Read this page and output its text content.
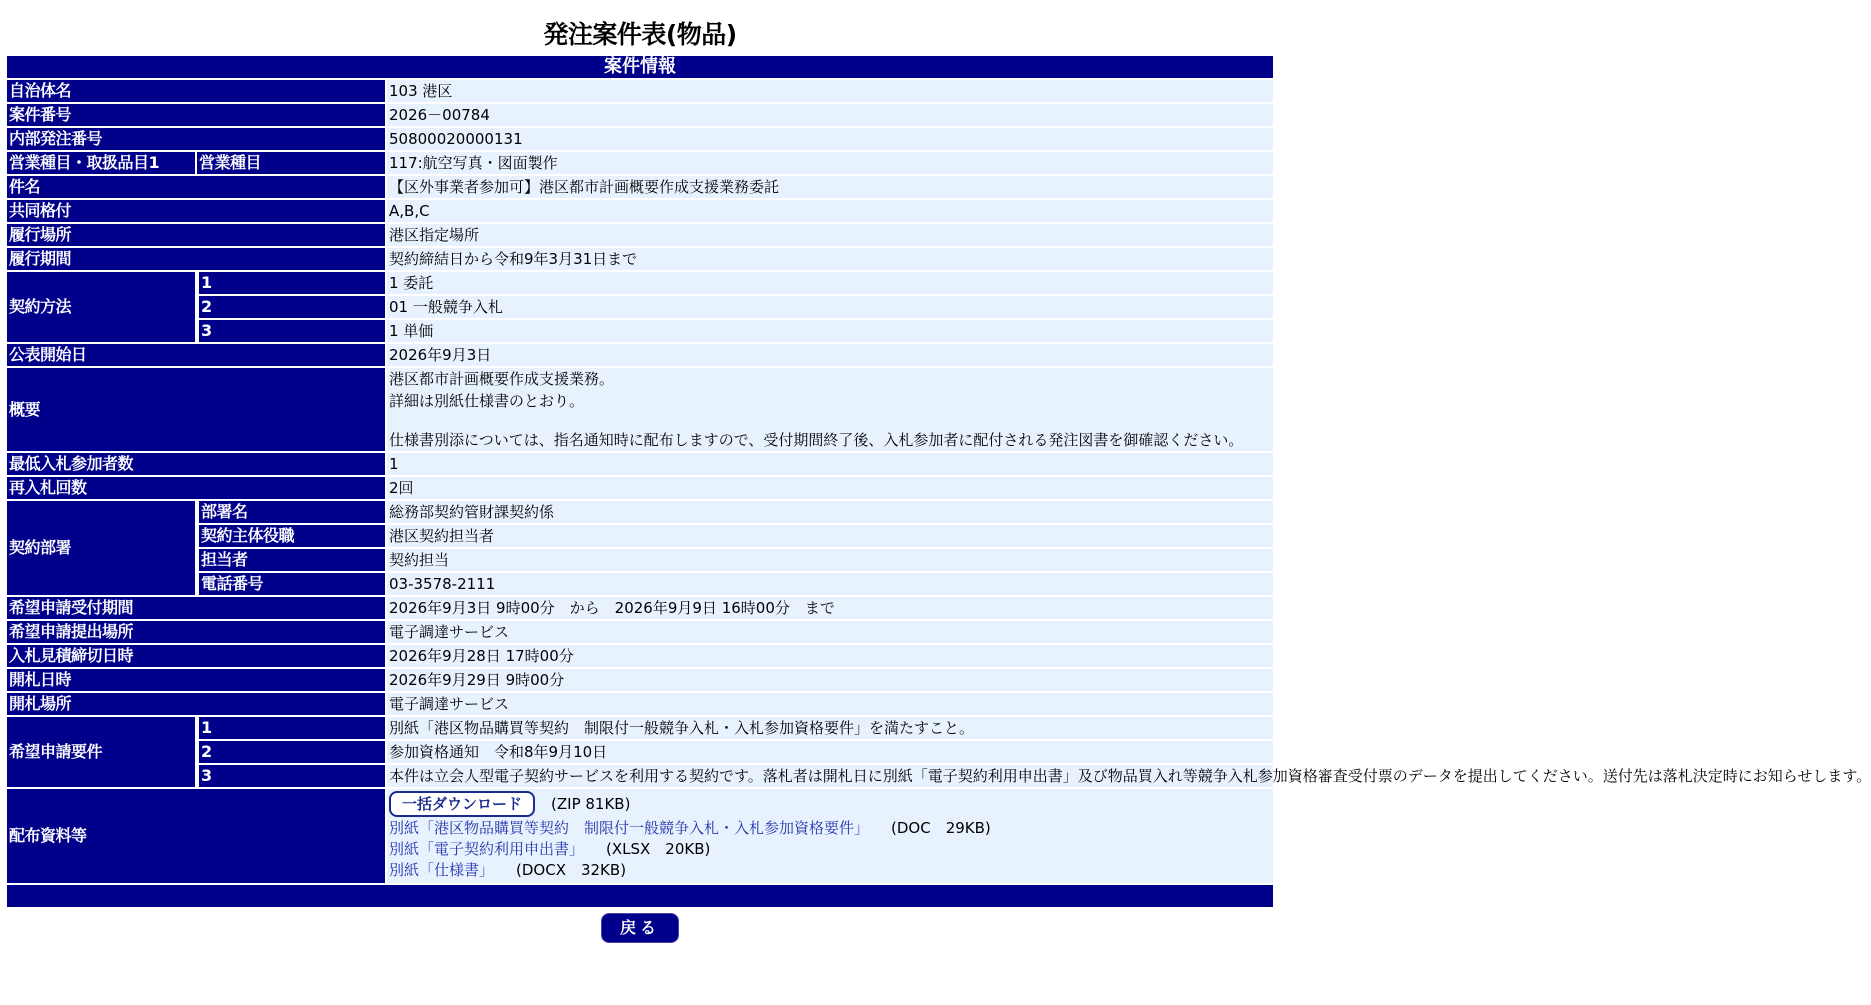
発注案件表(物品)
案件情報		
自治体名		103 港区
案件番号		2026－00784
内部発注番号		50800020000131
営業種目・取扱品目1	営業種目	117:航空写真・図面製作
件名		【区外事業者参加可】港区都市計画概要作成支援業務委託
共同格付		A,B,C
履行場所		港区指定場所
履行期間		契約締結日から令和9年3月31日まで
契約方法	1	1 委託
	2	01 一般競争入札
	3	1 単価
公表開始日		2026年9月3日
概要		港区都市計画概要作成支援業務。
詳細は別紙仕様書のとおり。
仕様書別添については、指名通知時に配布しますので、受付期間終了後、入札参加者に配付される発注図書を御確認ください。

最低入札参加者数		1
再入札回数		2回
契約部署	部署名	総務部契約管財課契約係
	契約主体役職	港区契約担当者
	担当者	契約担当
	電話番号	03-3578-2111
希望申請受付期間		2026年9月3日 9時00分　から　2026年9月9日 16時00分　まで
希望申請提出場所		電子調達サービス
入札見積締切日時		2026年9月28日 17時00分
開札日時		2026年9月29日 9時00分
開札場所		電子調達サービス
希望申請要件	1	別紙「港区物品購買等契約　制限付一般競争入札・入札参加資格要件」を満たすこと。
	2	参加資格通知　令和8年9月10日
	3	本件は立会人型電子契約サービスを利用する契約です。落札者は開札日に別紙「電子契約利用申出書」及び物品買入れ等競争入札参加資格審査受付票のデータを提出してください。送付先は落札決定時にお知らせします。
配布資料等		一括ダウンロード (ZIP 81KB)
別紙「港区物品購買等契約　制限付一般競争入札・入札参加資格要件」 (DOC　29KB)
別紙「電子契約利用申出書」 (XLSX　20KB)
別紙「仕様書」 (DOCX　32KB)

戻る
